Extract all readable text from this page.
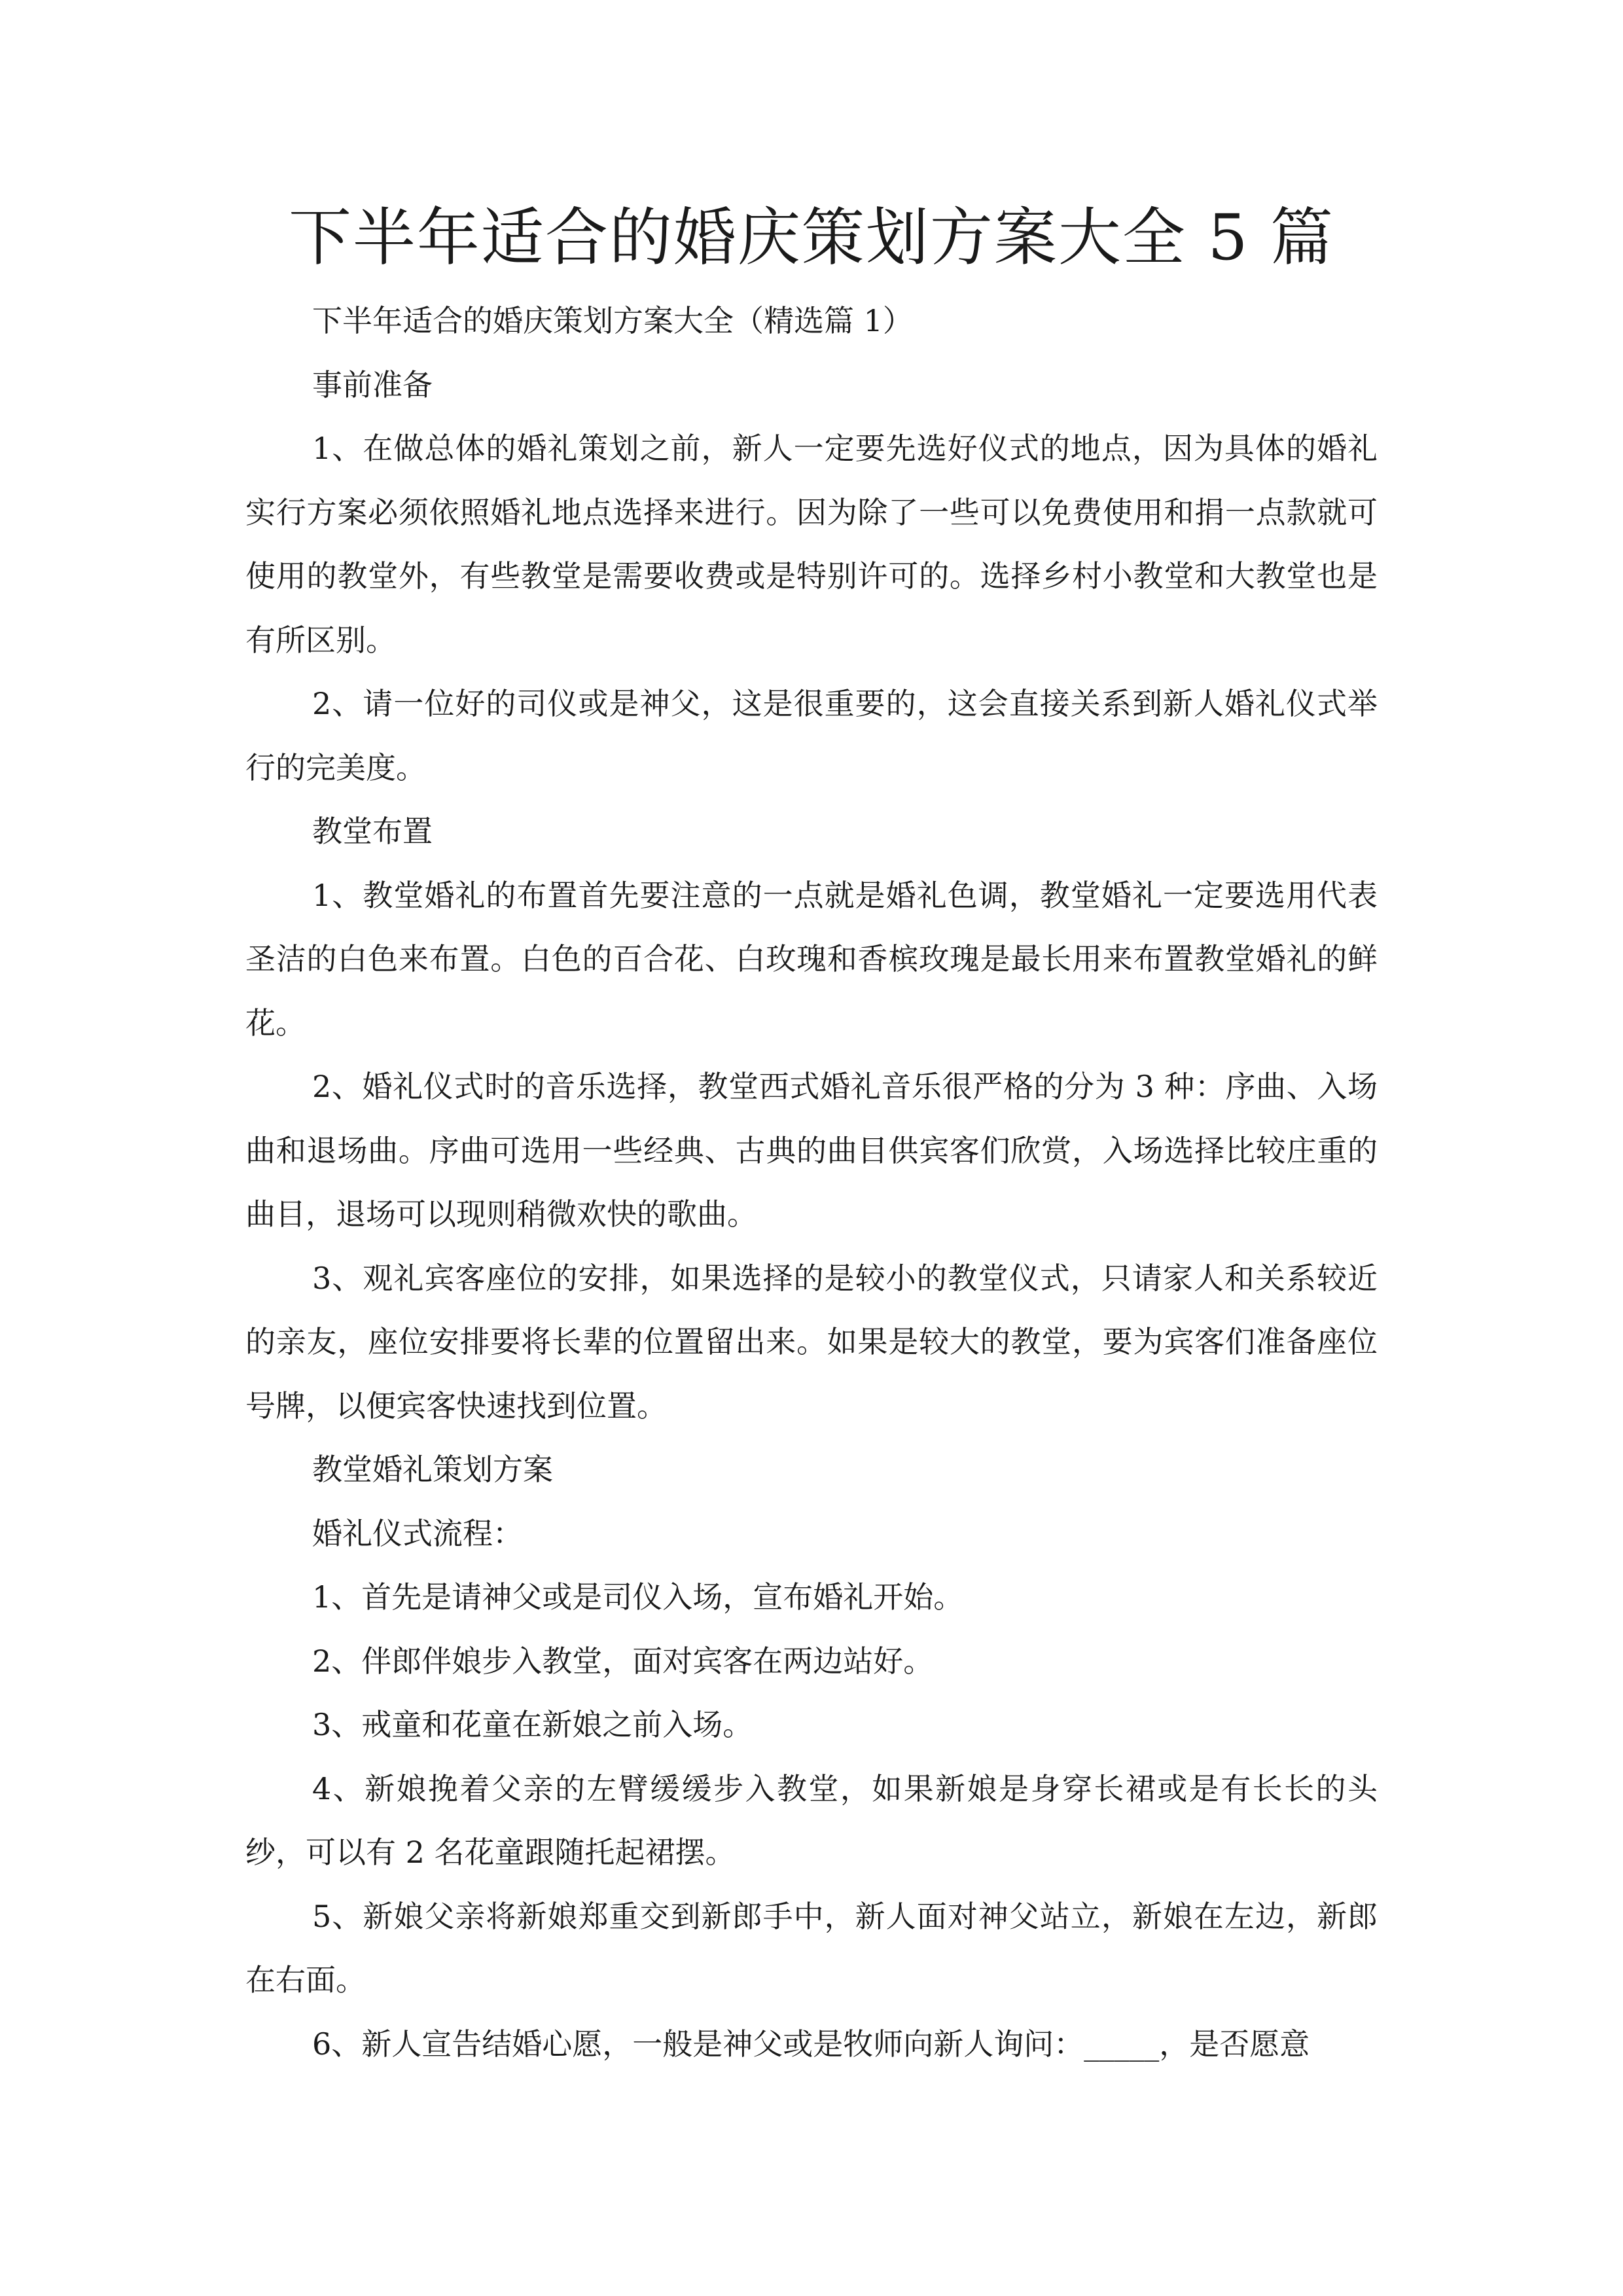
下半年适合的婚庆策划方案大全 5 篇

下半年适合的婚庆策划方案大全（精选篇 1）

事前准备

1、在做总体的婚礼策划之前，新人一定要先选好仪式的地点，因为具体的婚礼实行方案必须依照婚礼地点选择来进行。因为除了一些可以免费使用和捐一点款就可使用的教堂外，有些教堂是需要收费或是特别许可的。选择乡村小教堂和大教堂也是有所区别。

2、请一位好的司仪或是神父，这是很重要的，这会直接关系到新人婚礼仪式举行的完美度。

教堂布置

1、教堂婚礼的布置首先要注意的一点就是婚礼色调，教堂婚礼一定要选用代表圣洁的白色来布置。白色的百合花、白玫瑰和香槟玫瑰是最长用来布置教堂婚礼的鲜花。

2、婚礼仪式时的音乐选择，教堂西式婚礼音乐很严格的分为 3 种：序曲、入场曲和退场曲。序曲可选用一些经典、古典的曲目供宾客们欣赏，入场选择比较庄重的曲目，退场可以现则稍微欢快的歌曲。

3、观礼宾客座位的安排，如果选择的是较小的教堂仪式，只请家人和关系较近的亲友，座位安排要将长辈的位置留出来。如果是较大的教堂，要为宾客们准备座位号牌，以便宾客快速找到位置。

教堂婚礼策划方案

婚礼仪式流程：

1、首先是请神父或是司仪入场，宣布婚礼开始。

2、伴郎伴娘步入教堂，面对宾客在两边站好。

3、戒童和花童在新娘之前入场。

4、新娘挽着父亲的左臂缓缓步入教堂，如果新娘是身穿长裙或是有长长的头纱，可以有 2 名花童跟随托起裙摆。

5、新娘父亲将新娘郑重交到新郎手中，新人面对神父站立，新娘在左边，新郎在右面。

6、新人宣告结婚心愿，一般是神父或是牧师向新人询问：_____，是否愿意
